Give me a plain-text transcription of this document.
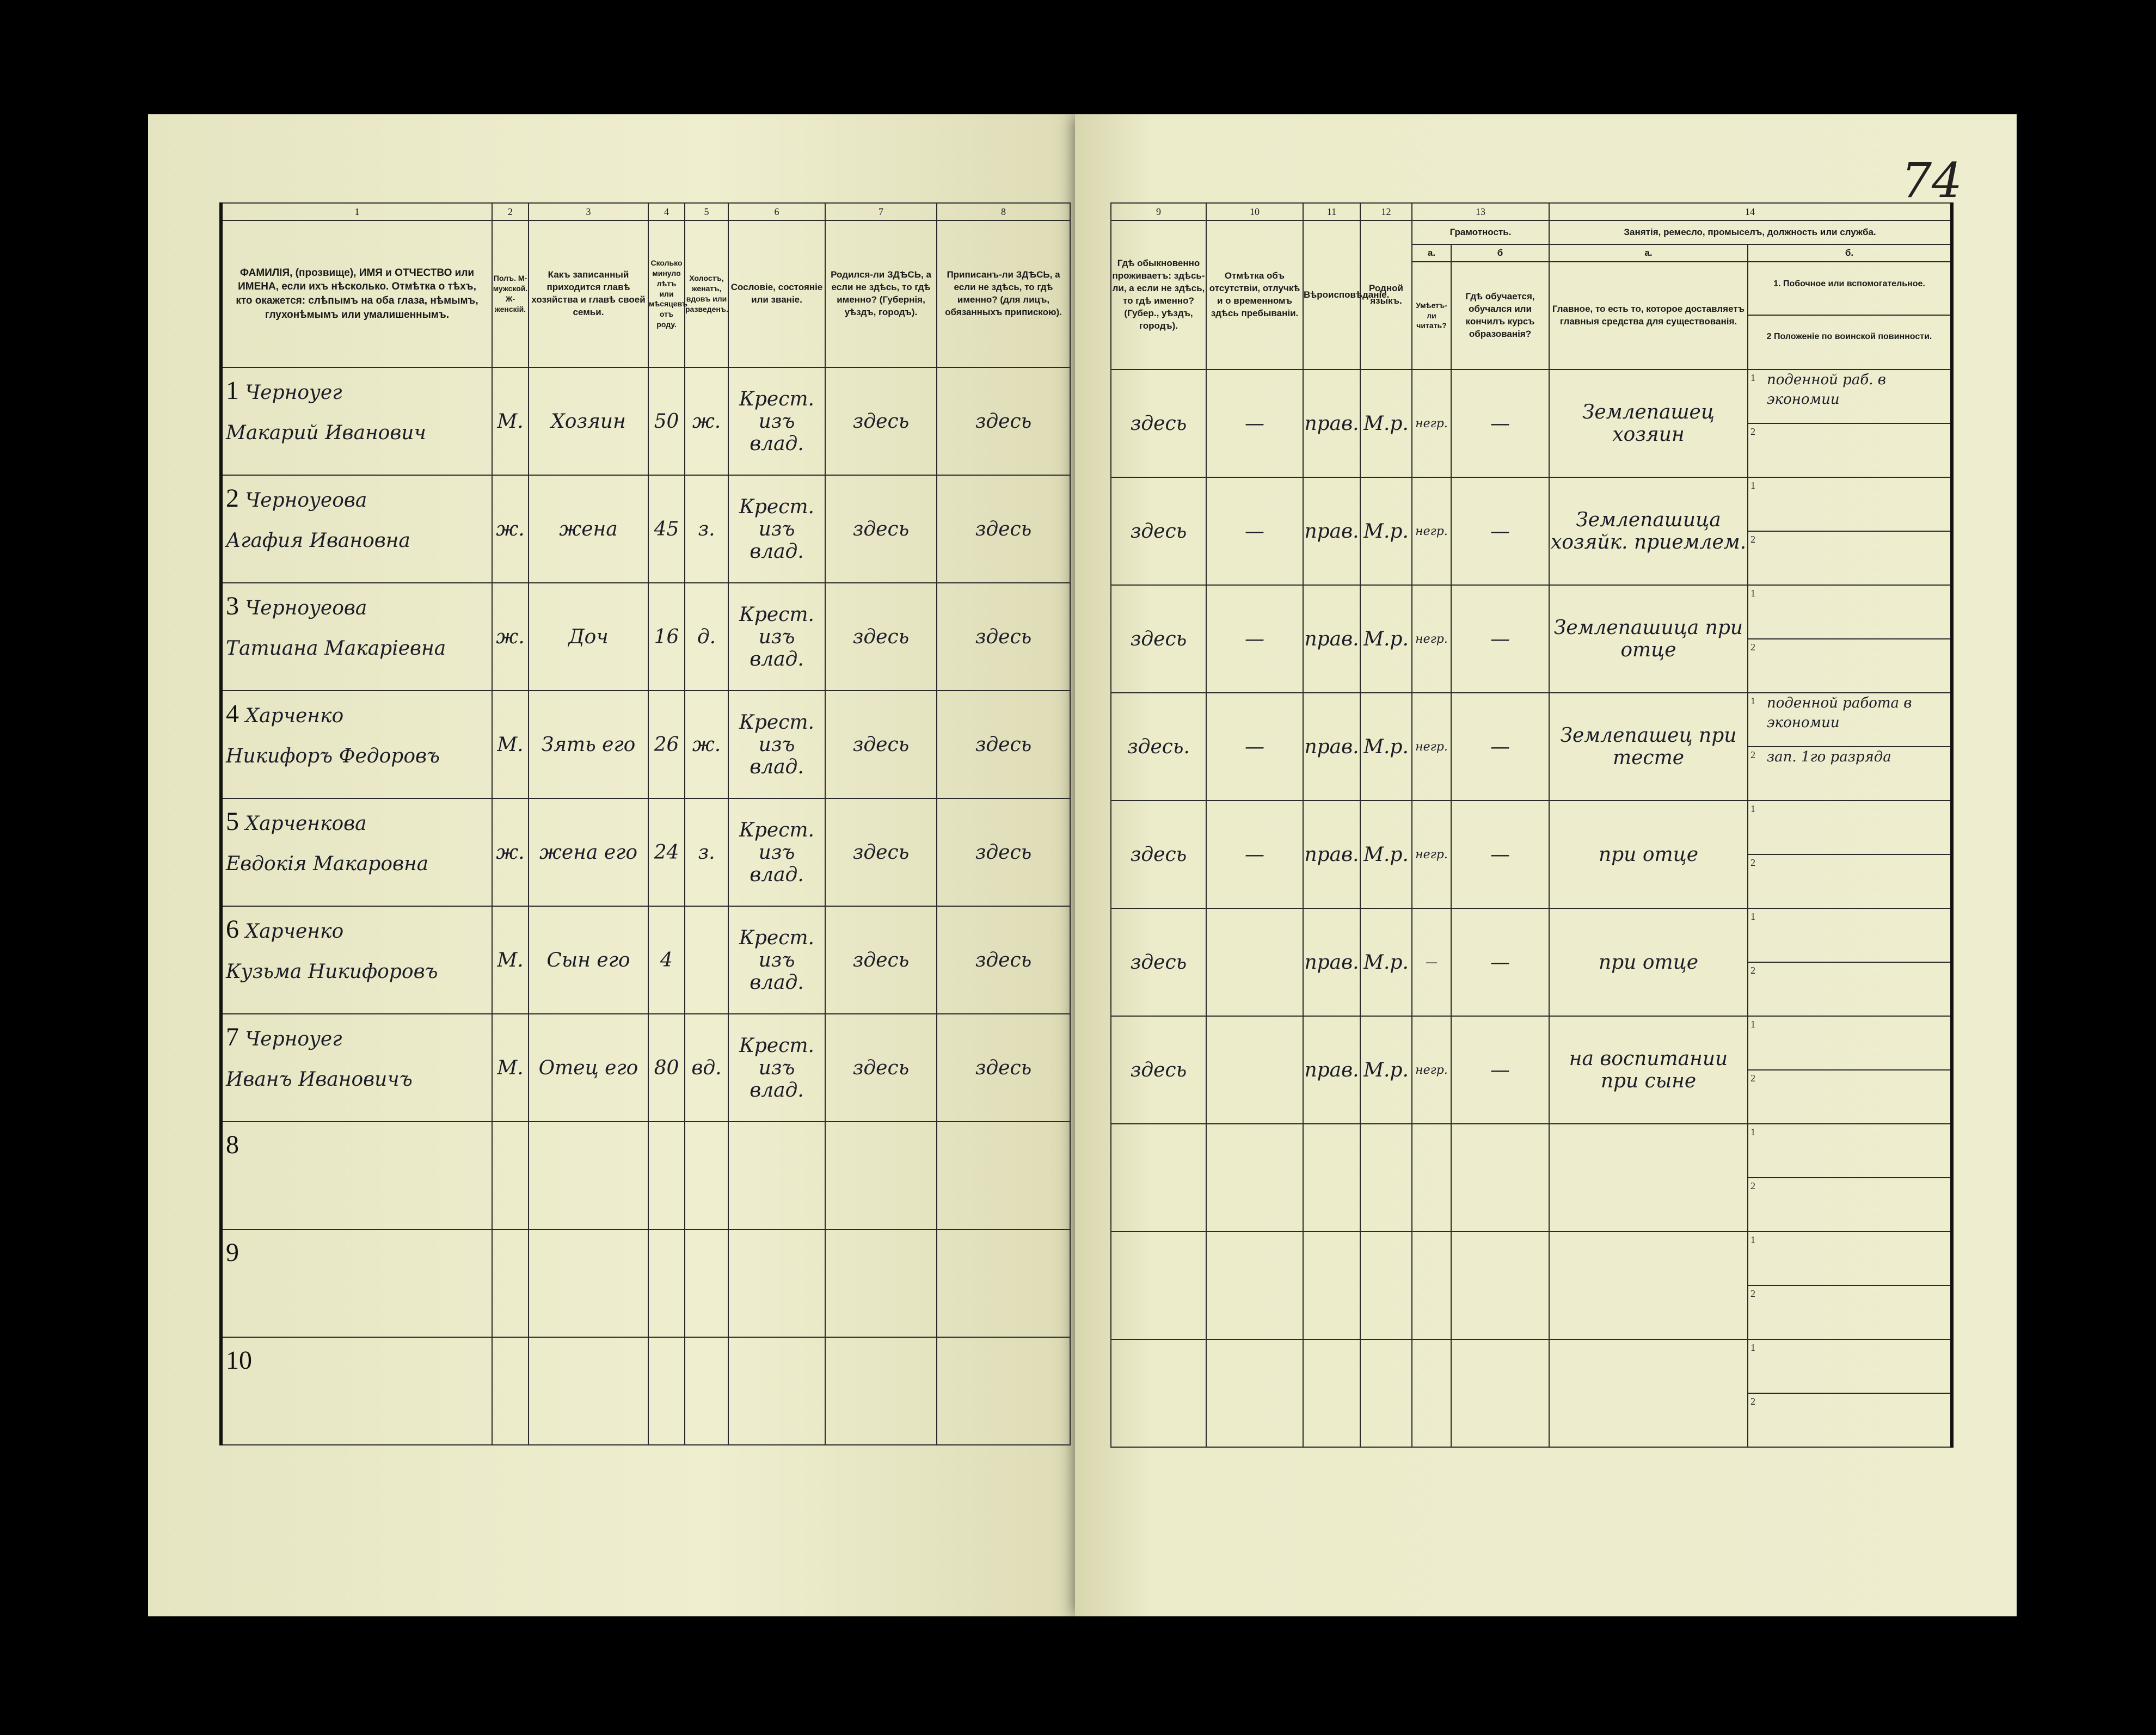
74
1	2	3	4	5	6	7	8
ФАМИЛІЯ, (прозвище), ИМЯ и ОТЧЕСТВО или ИМЕНА, если ихъ нѣсколько. Отмѣтка о тѣхъ, кто окажется: слѣпымъ на оба глаза, нѣмымъ, глухонѣмымъ или умалишеннымъ.	Полъ. М-мужской. Ж-женскій.	Какъ записанный приходится главѣ хозяйства и главѣ своей семьи.	Сколько минуло лѣтъ или мѣсяцевъ отъ роду.	Холостъ, женатъ, вдовъ или разведенъ.	Сословіе, состояніе или званіе.	Родился-ли ЗДѢСЬ, а если не здѣсь, то гдѣ именно? (Губернія, уѣздъ, городъ).	Приписанъ-ли ЗДѢСЬ, а если не здѣсь, то гдѣ именно? (для лицъ, обязанныхъ припискою).

1 Черноуег
Макарий Иванович	М.	Хозяин	50	ж.	Крест. изъ влад.	здесь	здесь

2 Черноуеова
Агафия Ивановна	ж.	жена	45	з.	Крест. изъ влад.	здесь	здесь

3 Черноуеова
Татиана Макаріевна	ж.	Доч	16	д.	Крест. изъ влад.	здесь	здесь

4 Харченко
Никифоръ Федоровъ	М.	Зять его	26	ж.	Крест. изъ влад.	здесь	здесь

5 Харченкова
Евдокія Макаровна	ж.	жена его	24	з.	Крест. изъ влад.	здесь	здесь

6 Харченко
Кузьма Никифоровъ	М.	Сын его	4		Крест. изъ влад.	здесь	здесь

7 Черноуег
Иванъ Ивановичъ	М.	Отец его	80	вд.	Крест. изъ влад.	здесь	здесь

8							

9							

10							

9	10	11	12	13		14	
Гдѣ обыкновенно проживаетъ: здѣсь-ли, а если не здѣсь, то гдѣ именно? (Губер., уѣздъ, городъ).	Отмѣтка объ отсутствіи, отлучкѣ и о временномъ здѣсь пребываніи.	Вѣроисповѣданіе.	Родной языкъ.	Грамотность.		Занятія, ремесло, промыселъ, должность или служба.	
				а.	б	а.	б.
				Умѣетъ-ли читать?	Гдѣ обучается, обучался или кончилъ курсъ образованія?	Главное, то есть то, которое доставляетъ главныя средства для существованія.	1. Побочное или вспомогательное.
2 Положеніе по воинской повинности.

здесь	—	прав.	М.р.	негр.	—	Землепашец хозяин	1 поденной раб. в экономии
2

здесь	—	прав.	М.р.	негр.	—	Землепашица хозяйк. приемлем.	1
2

здесь	—	прав.	М.р.	негр.	—	Землепашица при отце	1
2

здесь.	—	прав.	М.р.	негр.	—	Землепашец при тесте	1 поденной работа в экономии
2 зап. 1го разряда

здесь	—	прав.	М.р.	негр.	—	при отце	1
2

здесь		прав.	М.р.	—	—	при отце	1
2

здесь		прав.	М.р.	негр.	—	на воспитании при сыне	1
2

							1
2

							1
2

							1
2
